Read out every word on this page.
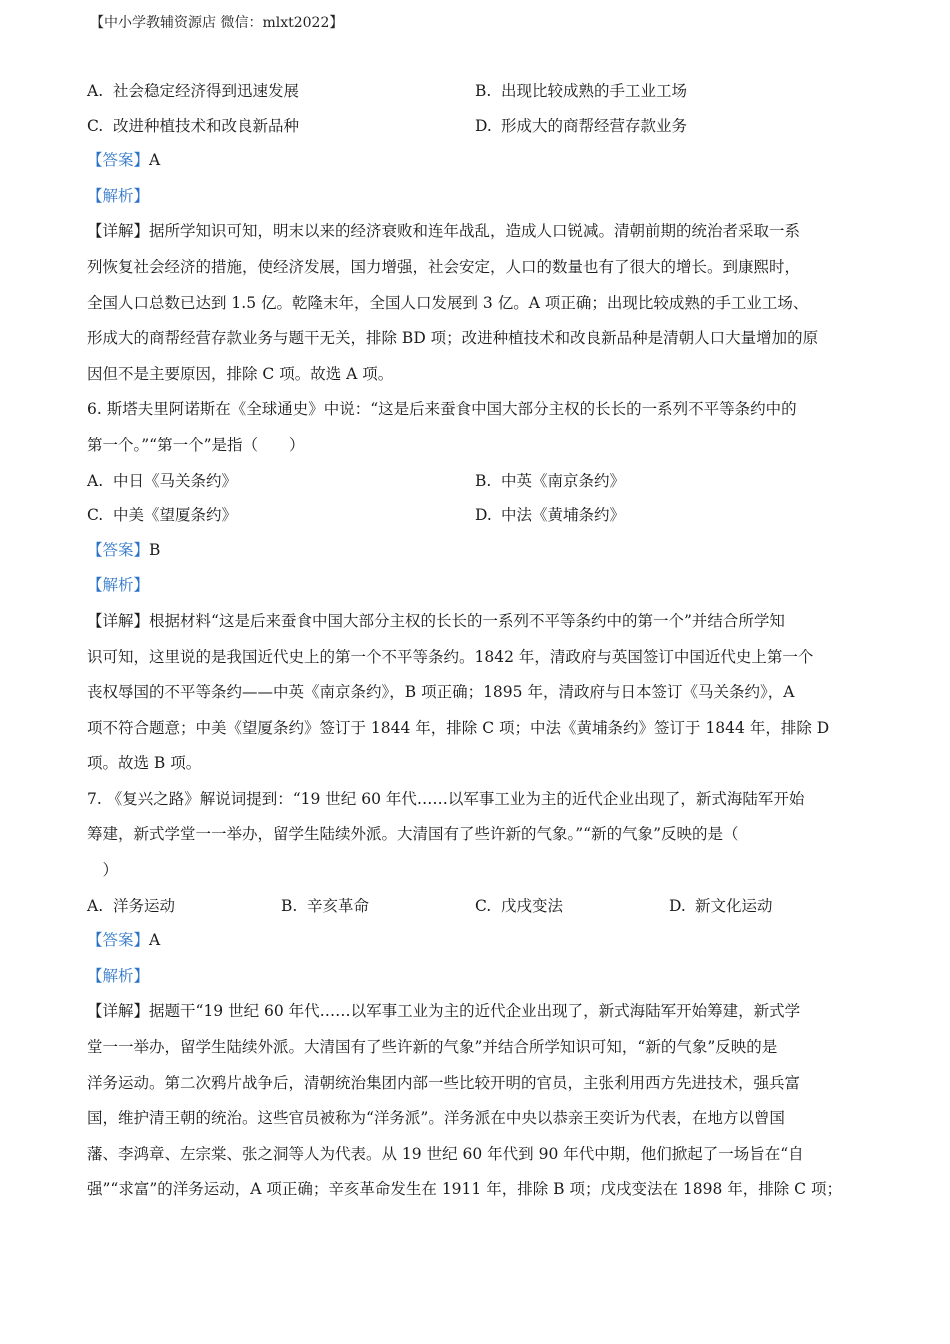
【中小学教辅资源店 微信：mlxt2022】
A. 社会稳定经济得到迅速发展	B. 出现比较成熟的手工业工场
C. 改进种植技术和改良新品种	D. 形成大的商帮经营存款业务
【答案】A
【解析】
【详解】据所学知识可知，明末以来的经济衰败和连年战乱，造成人口锐减。清朝前期的统治者采取一系
列恢复社会经济的措施，使经济发展，国力增强，社会安定，人口的数量也有了很大的增长。到康熙时，
全国人口总数已达到 1.5 亿。乾隆末年，全国人口发展到 3 亿。A 项正确；出现比较成熟的手工业工场、
形成大的商帮经营存款业务与题干无关，排除 BD 项；改进种植技术和改良新品种是清朝人口大量增加的原
因但不是主要原因，排除 C 项。故选 A 项。
6. 斯塔夫里阿诺斯在《全球通史》中说：“这是后来蚕食中国大部分主权的长长的一系列不平等条约中的
第一个。”“第一个”是指（　　）
A. 中日《马关条约》	B. 中英《南京条约》
C. 中美《望厦条约》	D. 中法《黄埔条约》
【答案】B
【解析】
【详解】根据材料“这是后来蚕食中国大部分主权的长长的一系列不平等条约中的第一个”并结合所学知
识可知，这里说的是我国近代史上的第一个不平等条约。1842 年，清政府与英国签订中国近代史上第一个
丧权辱国的不平等条约——中英《南京条约》，B 项正确；1895 年，清政府与日本签订《马关条约》，A
项不符合题意；中美《望厦条约》签订于 1844 年，排除 C 项；中法《黄埔条约》签订于 1844 年，排除 D
项。故选 B 项。
7. 《复兴之路》解说词提到：“19 世纪 60 年代……以军事工业为主的近代企业出现了，新式海陆军开始
筹建，新式学堂一一举办，留学生陆续外派。大清国有了些许新的气象。”“新的气象”反映的是（
　）
A. 洋务运动	B. 辛亥革命	C. 戊戌变法	D. 新文化运动
【答案】A
【解析】
【详解】据题干“19 世纪 60 年代……以军事工业为主的近代企业出现了，新式海陆军开始筹建，新式学
堂一一举办，留学生陆续外派。大清国有了些许新的气象”并结合所学知识可知，“新的气象”反映的是
洋务运动。第二次鸦片战争后，清朝统治集团内部一些比较开明的官员，主张利用西方先进技术，强兵富
国，维护清王朝的统治。这些官员被称为“洋务派”。洋务派在中央以恭亲王奕䜣为代表，在地方以曾国
藩、李鸿章、左宗棠、张之洞等人为代表。从 19 世纪 60 年代到 90 年代中期，他们掀起了一场旨在“自
强”“求富”的洋务运动，A 项正确；辛亥革命发生在 1911 年，排除 B 项；戊戌变法在 1898 年，排除 C 项；
